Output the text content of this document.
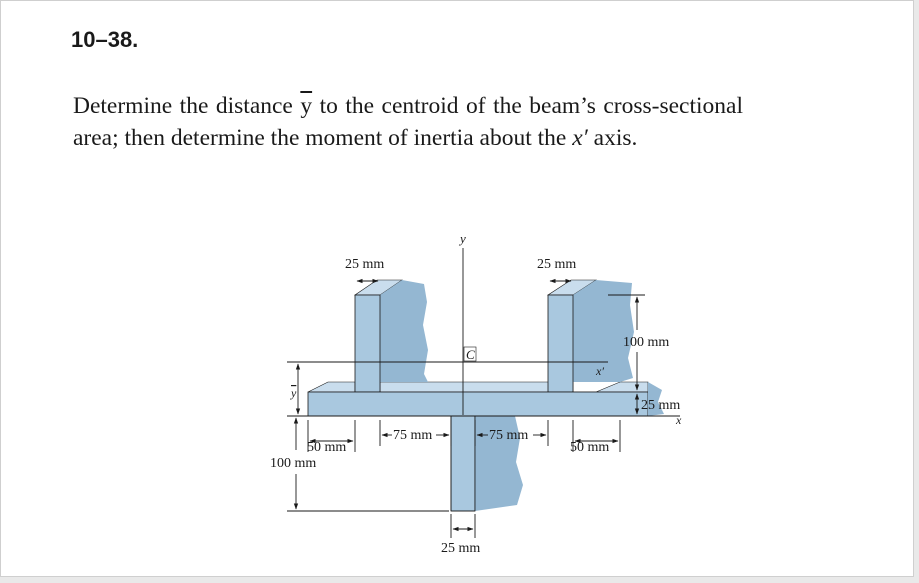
10–38.
Determine the distance $\overline{y}$ to the centroid of the beam’s cross-sectional area; then determine the moment of inertia about the x′ axis.
y
25 mm	25 mm
100 mm
C
x′
25 mm
x
y
50 mm
75 mm	75 mm
50 mm
100 mm
25 mm
